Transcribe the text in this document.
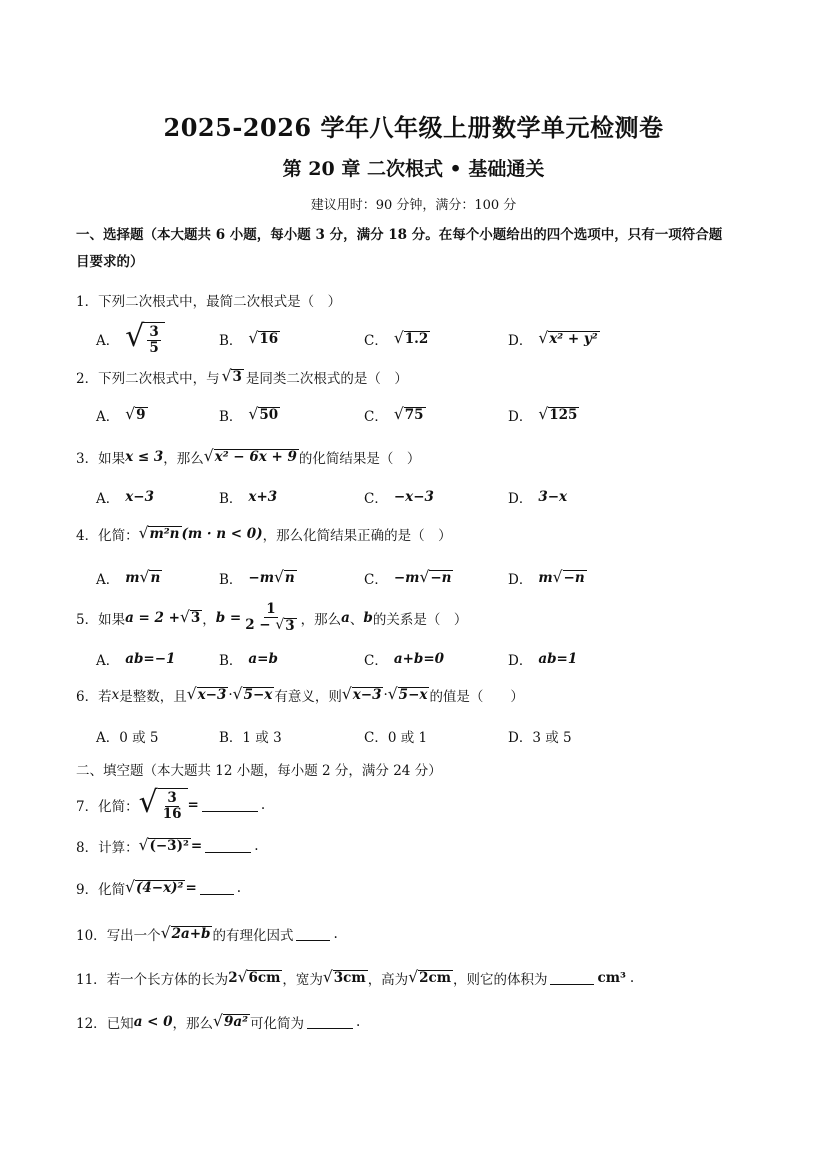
2025-2026 学年八年级上册数学单元检测卷
第 20 章 二次根式 • 基础通关
建议用时：90 分钟，满分：100 分
一、选择题（本大题共 6 小题，每小题 3 分，满分 18 分。在每个小题给出的四个选项中，只有一项符合题
目要求的）
1． 下列二次根式中，最简二次根式是（　）
A． √ $\frac{3}{5}$	B． √ 16	C． √ 1.2	D． √ x² + y²
2． 下列二次根式中，与 √ 3 是同类二次根式的是（　）
A． √ 9	B． √ 50	C． √ 75	D． √ 125
3． 如果 x ≤ 3 ，那么 √ x² − 6x + 9 的化简结果是（　）
A． x−3	B． x+3	C． −x−3	D． 3−x
4． 化简： √ m²n (m · n < 0) ，那么化简结果正确的是（　）
A． m √ n	B． −m √ n	C． −m √ −n	D． m √ −n
5． 如果 a = 2 + √ 3 ， $b = \frac{1}{2 - √ 3}$ ，那么 a 、 b 的关系是（　）
A． ab=−1	B． a=b	C． a+b=0	D． ab=1
6． 若 x 是整数，且 √ x−3 · √ 5−x 有意义，则 √ x−3 · √ 5−x 的值是（　　）
A．0 或 5	B．1 或 3	C．0 或 1	D．3 或 5
二、填空题（本大题共 12 小题，每小题 2 分，满分 24 分）
7． 化简： √ $\frac{3}{16}$ =	.
8． 计算： √ (−3)² =	.
9． 化简 √ (4−x)² =	.
10． 写出一个 √ 2a+b 的有理化因式	.
11． 若一个长方体的长为 2 √ 6cm ，宽为 √ 3cm ，高为 √ 2cm ，则它的体积为	cm³ .
12． 已知 a < 0 ，那么 √ 9a² 可化简为	.
